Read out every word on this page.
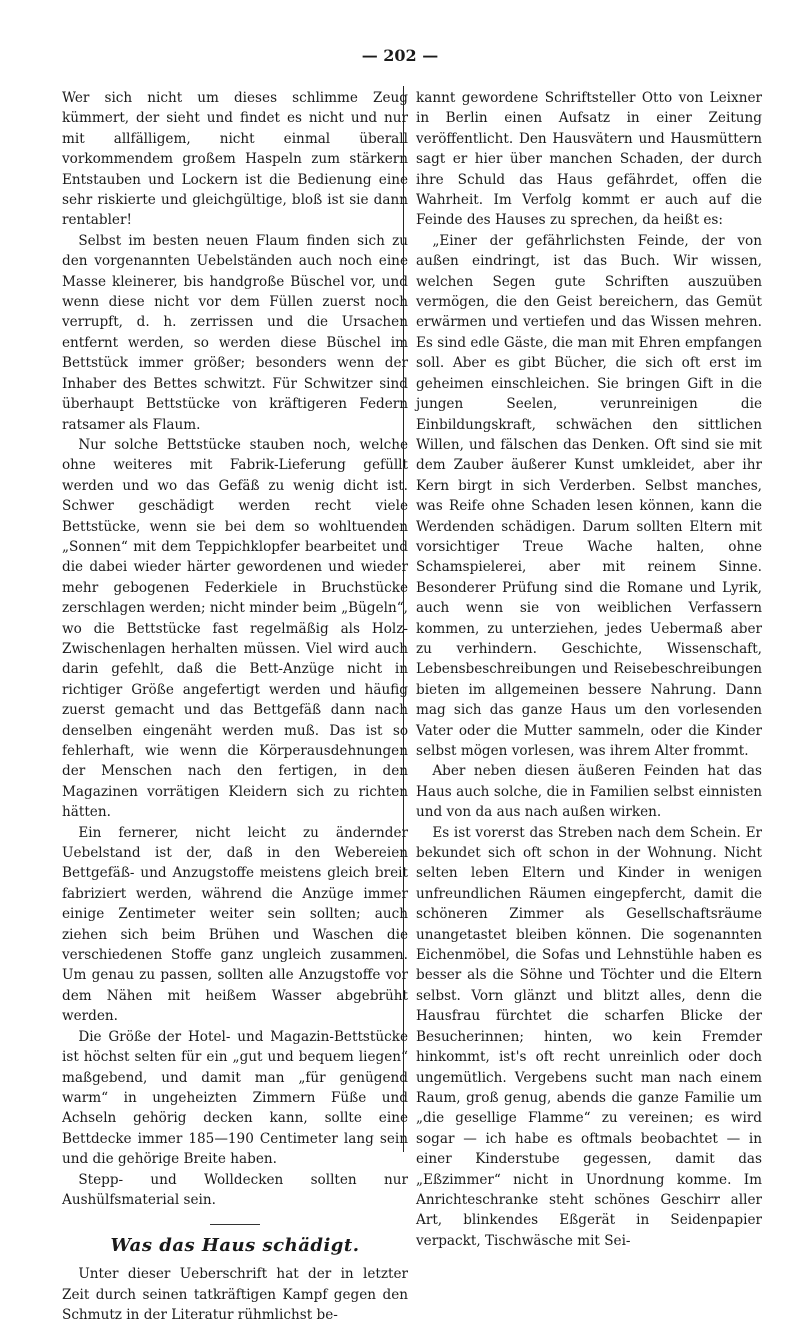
— 202 —

Wer sich nicht um dieses schlimme Zeug kümmert, der sieht und findet es nicht und nur mit allfälligem, nicht einmal überall vorkommendem großem Haspeln zum stärkern Entstauben und Lockern ist die Bedienung eine sehr riskierte und gleichgültige, bloß ist sie dann rentabler!

Selbst im besten neuen Flaum finden sich zu den vorgenannten Uebelständen auch noch eine Masse kleinerer, bis handgroße Büschel vor, und wenn diese nicht vor dem Füllen zuerst noch verrupft, d. h. zerrissen und die Ursachen entfernt werden, so werden diese Büschel im Bettstück immer größer; besonders wenn der Inhaber des Bettes schwitzt. Für Schwitzer sind überhaupt Bettstücke von kräftigeren Federn ratsamer als Flaum.

Nur solche Bettstücke stauben noch, welche ohne weiteres mit Fabrik-Lieferung gefüllt werden und wo das Gefäß zu wenig dicht ist. Schwer geschädigt werden recht viele Bettstücke, wenn sie bei dem so wohltuenden „Sonnen“ mit dem Teppichklopfer bearbeitet und die dabei wieder härter gewordenen und wieder mehr gebogenen Federkiele in Bruchstücke zerschlagen werden; nicht minder beim „Bügeln“, wo die Bettstücke fast regelmäßig als Holz-Zwischenlagen herhalten müssen. Viel wird auch darin gefehlt, daß die Bett-Anzüge nicht in richtiger Größe angefertigt werden und häufig zuerst gemacht und das Bettgefäß dann nach denselben eingenäht werden muß. Das ist so fehlerhaft, wie wenn die Körperausdehnungen der Menschen nach den fertigen, in den Magazinen vorrätigen Kleidern sich zu richten hätten.

Ein fernerer, nicht leicht zu ändernder Uebelstand ist der, daß in den Webereien Bettgefäß- und Anzugstoffe meistens gleich breit fabriziert werden, während die Anzüge immer einige Zentimeter weiter sein sollten; auch ziehen sich beim Brühen und Waschen die verschiedenen Stoffe ganz ungleich zusammen. Um genau zu passen, sollten alle Anzugstoffe vor dem Nähen mit heißem Wasser abgebrüht werden.

Die Größe der Hotel- und Magazin-Bettstücke ist höchst selten für ein „gut und bequem liegen“ maßgebend, und damit man „für genügend warm“ in ungeheizten Zimmern Füße und Achseln gehörig decken kann, sollte eine Bettdecke immer 185—190 Centimeter lang sein und die gehörige Breite haben.

Stepp- und Wolldecken sollten nur Aushülfsmaterial sein.

Was das Haus schädigt.

Unter dieser Ueberschrift hat der in letzter Zeit durch seinen tatkräftigen Kampf gegen den Schmutz in der Literatur rühmlichst be-

kannt gewordene Schriftsteller Otto von Leixner in Berlin einen Aufsatz in einer Zeitung veröffentlicht. Den Hausvätern und Hausmüttern sagt er hier über manchen Schaden, der durch ihre Schuld das Haus gefährdet, offen die Wahrheit. Im Verfolg kommt er auch auf die Feinde des Hauses zu sprechen, da heißt es:

„Einer der gefährlichsten Feinde, der von außen eindringt, ist das Buch. Wir wissen, welchen Segen gute Schriften auszuüben vermögen, die den Geist bereichern, das Gemüt erwärmen und vertiefen und das Wissen mehren. Es sind edle Gäste, die man mit Ehren empfangen soll. Aber es gibt Bücher, die sich oft erst im geheimen einschleichen. Sie bringen Gift in die jungen Seelen, verunreinigen die Einbildungskraft, schwächen den sittlichen Willen, und fälschen das Denken. Oft sind sie mit dem Zauber äußerer Kunst umkleidet, aber ihr Kern birgt in sich Verderben. Selbst manches, was Reife ohne Schaden lesen können, kann die Werdenden schädigen. Darum sollten Eltern mit vorsichtiger Treue Wache halten, ohne Schamspielerei, aber mit reinem Sinne. Besonderer Prüfung sind die Romane und Lyrik, auch wenn sie von weiblichen Verfassern kommen, zu unterziehen, jedes Uebermaß aber zu verhindern. Geschichte, Wissenschaft, Lebensbeschreibungen und Reisebeschreibungen bieten im allgemeinen bessere Nahrung. Dann mag sich das ganze Haus um den vorlesenden Vater oder die Mutter sammeln, oder die Kinder selbst mögen vorlesen, was ihrem Alter frommt.

Aber neben diesen äußeren Feinden hat das Haus auch solche, die in Familien selbst einnisten und von da aus nach außen wirken.

Es ist vorerst das Streben nach dem Schein. Er bekundet sich oft schon in der Wohnung. Nicht selten leben Eltern und Kinder in wenigen unfreundlichen Räumen eingepfercht, damit die schöneren Zimmer als Gesellschaftsräume unangetastet bleiben können. Die sogenannten Eichenmöbel, die Sofas und Lehnstühle haben es besser als die Söhne und Töchter und die Eltern selbst. Vorn glänzt und blitzt alles, denn die Hausfrau fürchtet die scharfen Blicke der Besucherinnen; hinten, wo kein Fremder hinkommt, ist's oft recht unreinlich oder doch ungemütlich. Vergebens sucht man nach einem Raum, groß genug, abends die ganze Familie um „die gesellige Flamme“ zu vereinen; es wird sogar — ich habe es oftmals beobachtet — in einer Kinderstube gegessen, damit das „Eßzimmer“ nicht in Unordnung komme. Im Anrichteschranke steht schönes Geschirr aller Art, blinkendes Eßgerät in Seidenpapier verpackt, Tischwäsche mit Sei-
